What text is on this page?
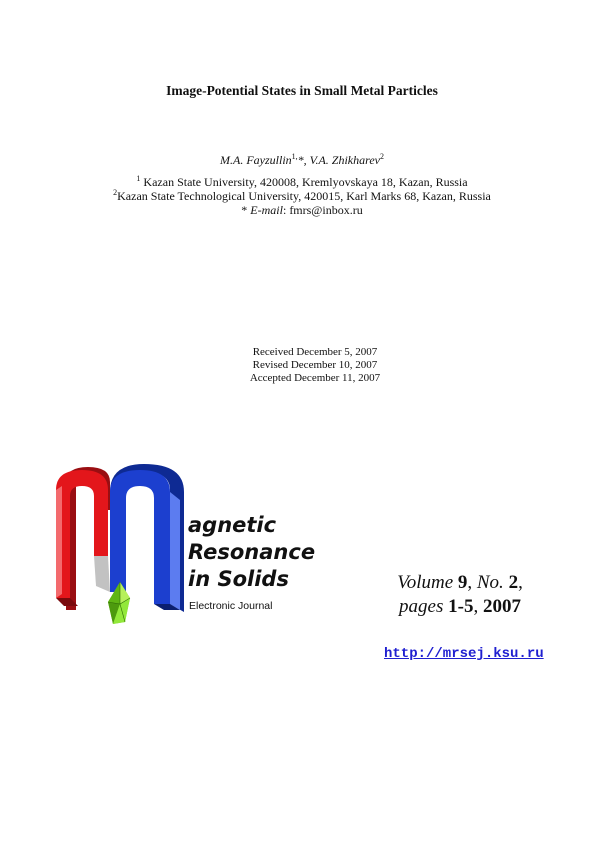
Image-Potential States in Small Metal Particles
M.A. Fayzullin$^{1,}$*, V.A. Zhikharev$^2$
$^1$ Kazan State University, 420008, Kremlyovskaya 18, Kazan, Russia
$^2$Kazan State Technological University, 420015, Karl Marks 68, Kazan, Russia
* E-mail: fmrs@inbox.ru
Received December 5, 2007
Revised December 10, 2007
Accepted December 11, 2007
agnetic
Resonance
in Solids
Electronic Journal
Volume 9, No. 2,
pages 1-5, 2007
http://mrsej.ksu.ru
